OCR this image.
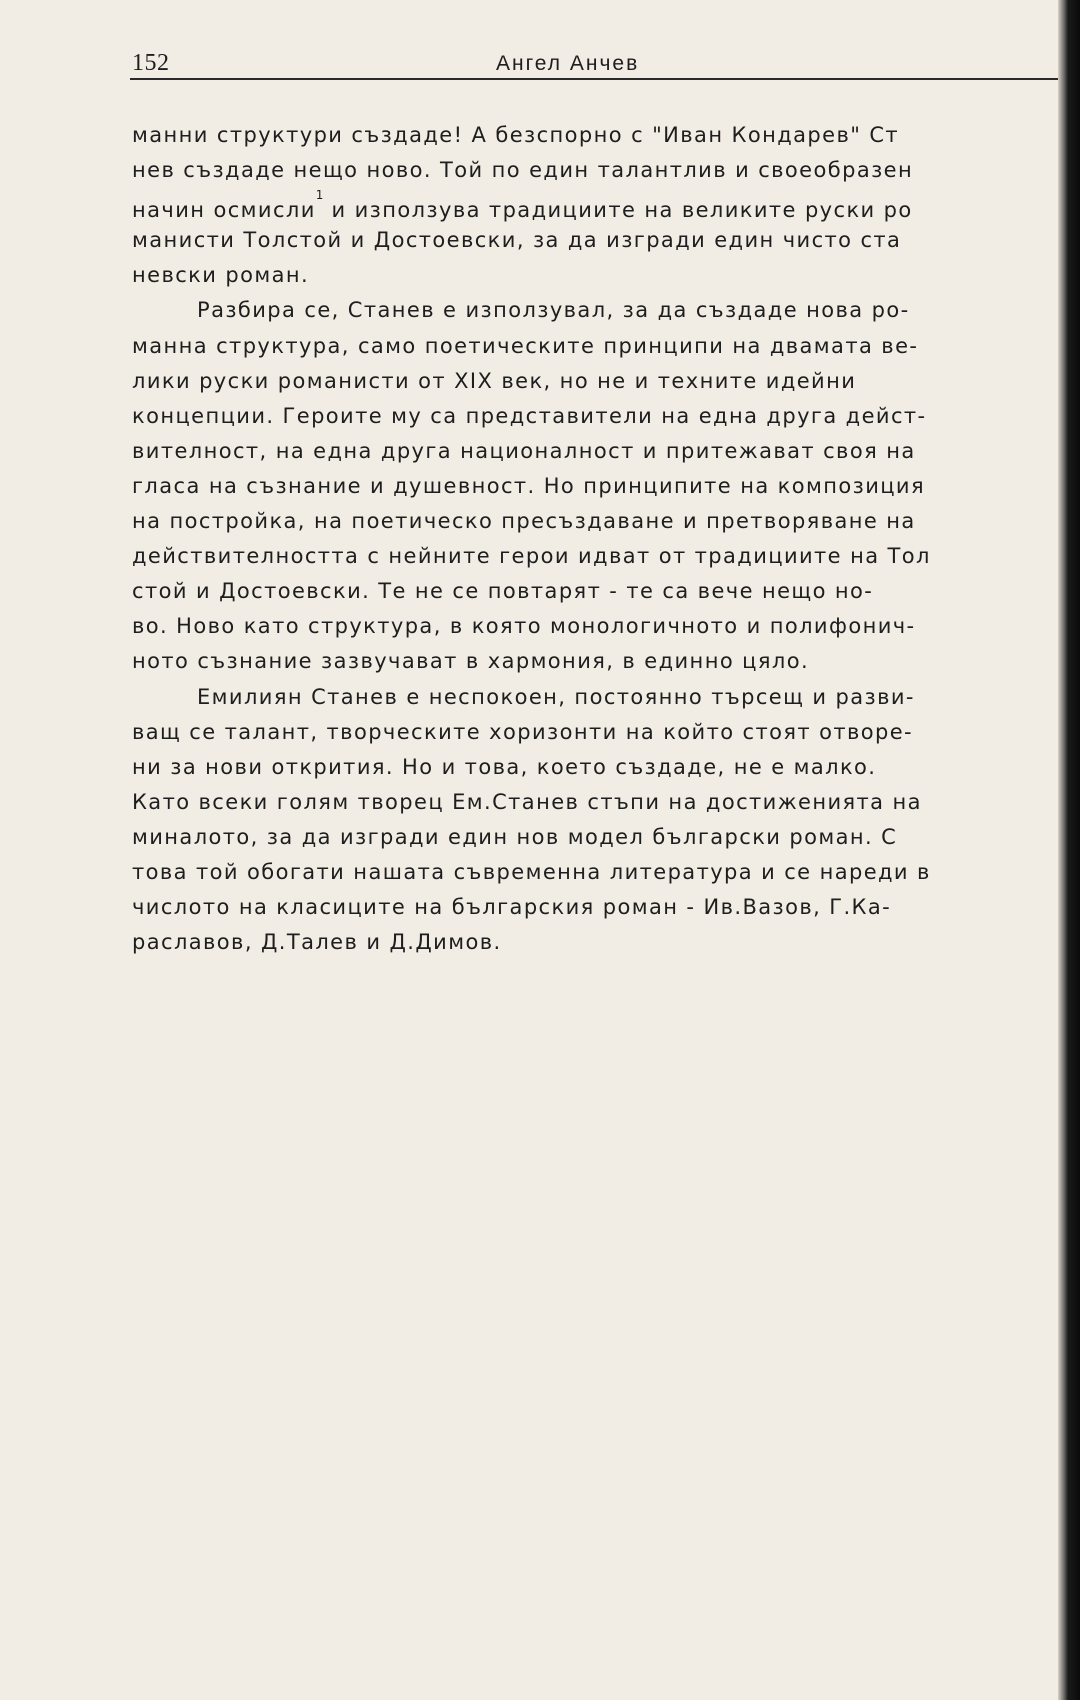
152	Ангел Анчев
манни структури създаде! А безспорно с "Иван Кондарев" Ст
нев създаде нещо ново. Той по един талантлив и своеобразен
начин осмисли$^1$ и използува традициите на великите руски ро
манисти Толстой и Достоевски, за да изгради един чисто ста
невски роман.
Разбира се, Станев е използувал, за да създаде нова ро-
манна структура, само поетическите принципи на двамата ве-
лики руски романисти от XIX век, но не и техните идейни
концепции. Героите му са представители на една друга дейст-
вителност, на една друга националност и притежават своя на
гласа на съзнание и душевност. Но принципите на композиция
на постройка, на поетическо пресъздаване и претворяване на
действителността с нейните герои идват от традициите на Тол
стой и Достоевски. Те не се повтарят - те са вече нещо но-
во. Ново като структура, в която монологичното и полифонич-
ното съзнание зазвучават в хармония, в единно цяло.
Емилиян Станев е неспокоен, постоянно търсещ и разви-
ващ се талант, творческите хоризонти на който стоят отворе-
ни за нови открития. Но и това, което създаде, не е малко.
Като всеки голям творец Ем.Станев стъпи на достиженията на
миналото, за да изгради един нов модел български роман. С
това той обогати нашата съвременна литература и се нареди в
числото на класиците на българския роман - Ив.Вазов, Г.Ка-
раславов, Д.Талев и Д.Димов.
